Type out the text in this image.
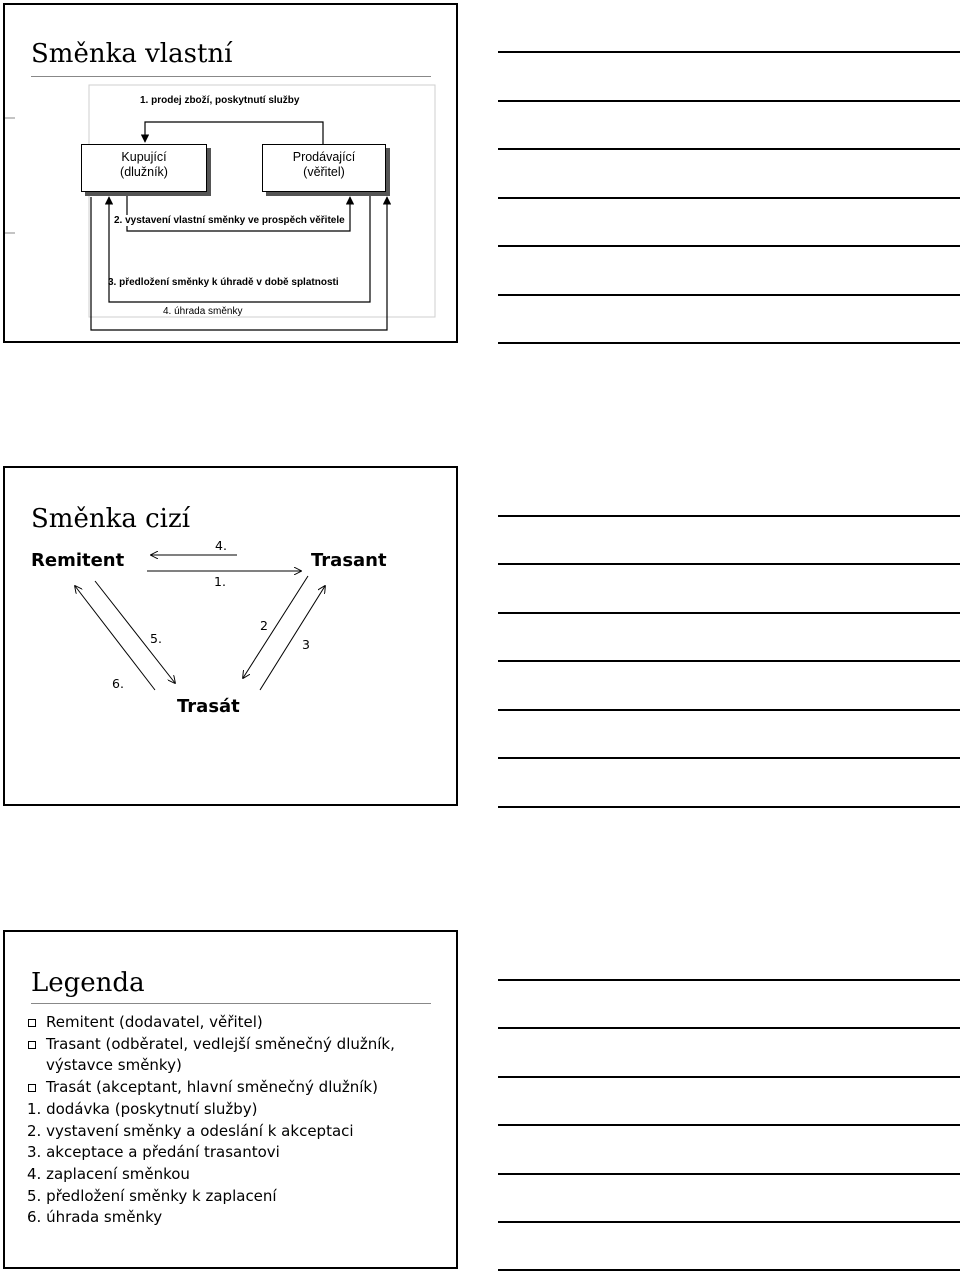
Směnka vlastní
1. prodej zboží, poskytnutí služby
Kupující
(dlužník)
Prodávající
(věřitel)
2. vystavení vlastní směnky ve prospěch věřitele
3. předložení směnky k úhradě v době splatnosti
4. úhrada směnky
Směnka cizí
Remitent	Trasant
Trasát
4.
1.
5.
6.
2
3
Legenda
Remitent (dodavatel, věřitel)
Trasant (odběratel, vedlejší směnečný dlužník,
výstavce směnky)
Trasát (akceptant, hlavní směnečný dlužník)
1. dodávka (poskytnutí služby)
2. vystavení směnky a odeslání k akceptaci
3. akceptace a předání trasantovi
4. zaplacení směnkou
5. předložení směnky k zaplacení
6. úhrada směnky
